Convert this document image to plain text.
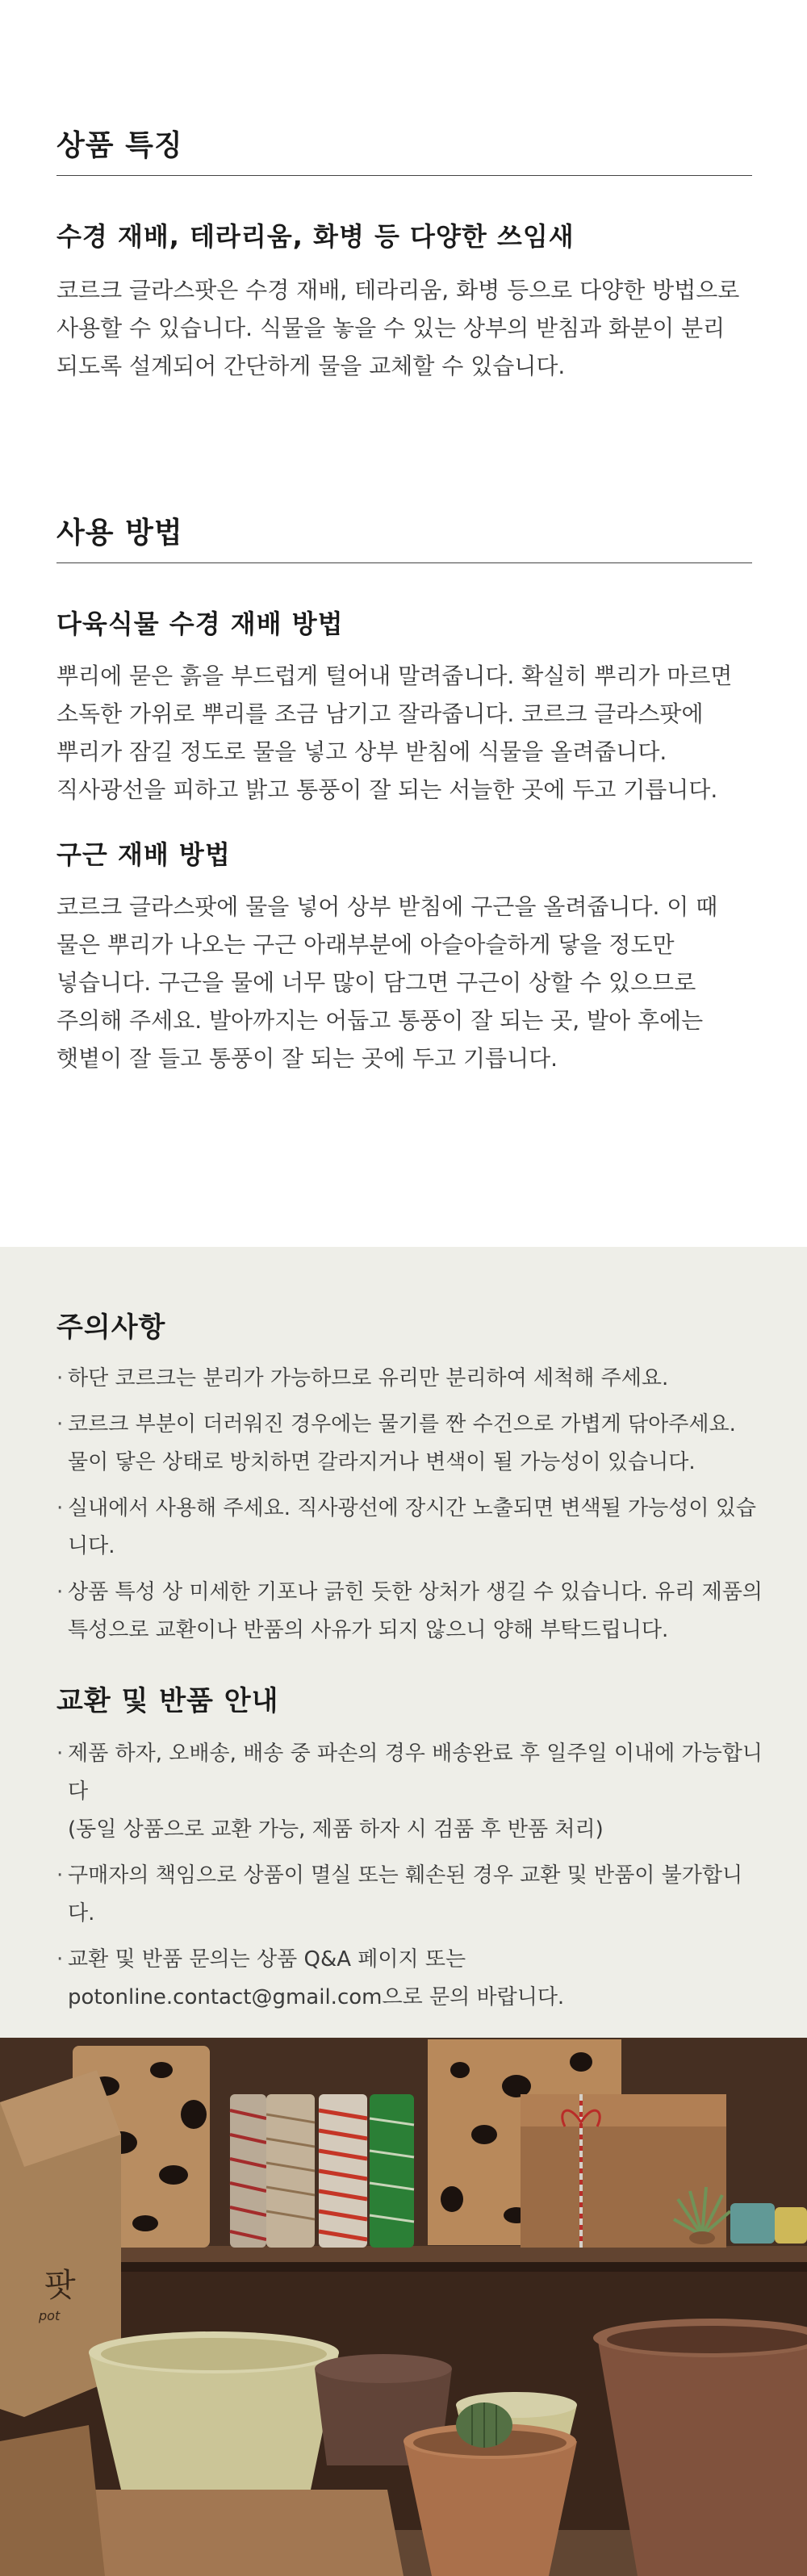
상품 특징
수경 재배, 테라리움, 화병 등 다양한 쓰임새

코르크 글라스팟은 수경 재배, 테라리움, 화병 등으로 다양한 방법으로
사용할 수 있습니다. 식물을 놓을 수 있는 상부의 받침과 화분이 분리
되도록 설계되어 간단하게 물을 교체할 수 있습니다.

사용 방법
다육식물 수경 재배 방법

뿌리에 묻은 흙을 부드럽게 털어내 말려줍니다. 확실히 뿌리가 마르면
소독한 가위로 뿌리를 조금 남기고 잘라줍니다. 코르크 글라스팟에
뿌리가 잠길 정도로 물을 넣고 상부 받침에 식물을 올려줍니다.
직사광선을 피하고 밝고 통풍이 잘 되는 서늘한 곳에 두고 기릅니다.

구근 재배 방법

코르크 글라스팟에 물을 넣어 상부 받침에 구근을 올려줍니다. 이 때
물은 뿌리가 나오는 구근 아래부분에 아슬아슬하게 닿을 정도만
넣습니다. 구근을 물에 너무 많이 담그면 구근이 상할 수 있으므로
주의해 주세요. 발아까지는 어둡고 통풍이 잘 되는 곳, 발아 후에는
햇볕이 잘 들고 통풍이 잘 되는 곳에 두고 기릅니다.

주의사항
· 하단 코르크는 분리가 가능하므로 유리만 분리하여 세척해 주세요.
· 코르크 부분이 더러워진 경우에는 물기를 짠 수건으로 가볍게 닦아주세요.
물이 닿은 상태로 방치하면 갈라지거나 변색이 될 가능성이 있습니다.
· 실내에서 사용해 주세요. 직사광선에 장시간 노출되면 변색될 가능성이 있습니다.
· 상품 특성 상 미세한 기포나 긁힌 듯한 상처가 생길 수 있습니다. 유리 제품의
특성으로 교환이나 반품의 사유가 되지 않으니 양해 부탁드립니다.
교환 및 반품 안내
· 제품 하자, 오배송, 배송 중 파손의 경우 배송완료 후 일주일 이내에 가능합니다
(동일 상품으로 교환 가능, 제품 하자 시 검품 후 반품 처리)
· 구매자의 책임으로 상품이 멸실 또는 훼손된 경우 교환 및 반품이 불가합니다.
· 교환 및 반품 문의는 상품 Q&A 페이지 또는
potonline.contact@gmail.com으로 문의 바랍니다.
팟
pot
